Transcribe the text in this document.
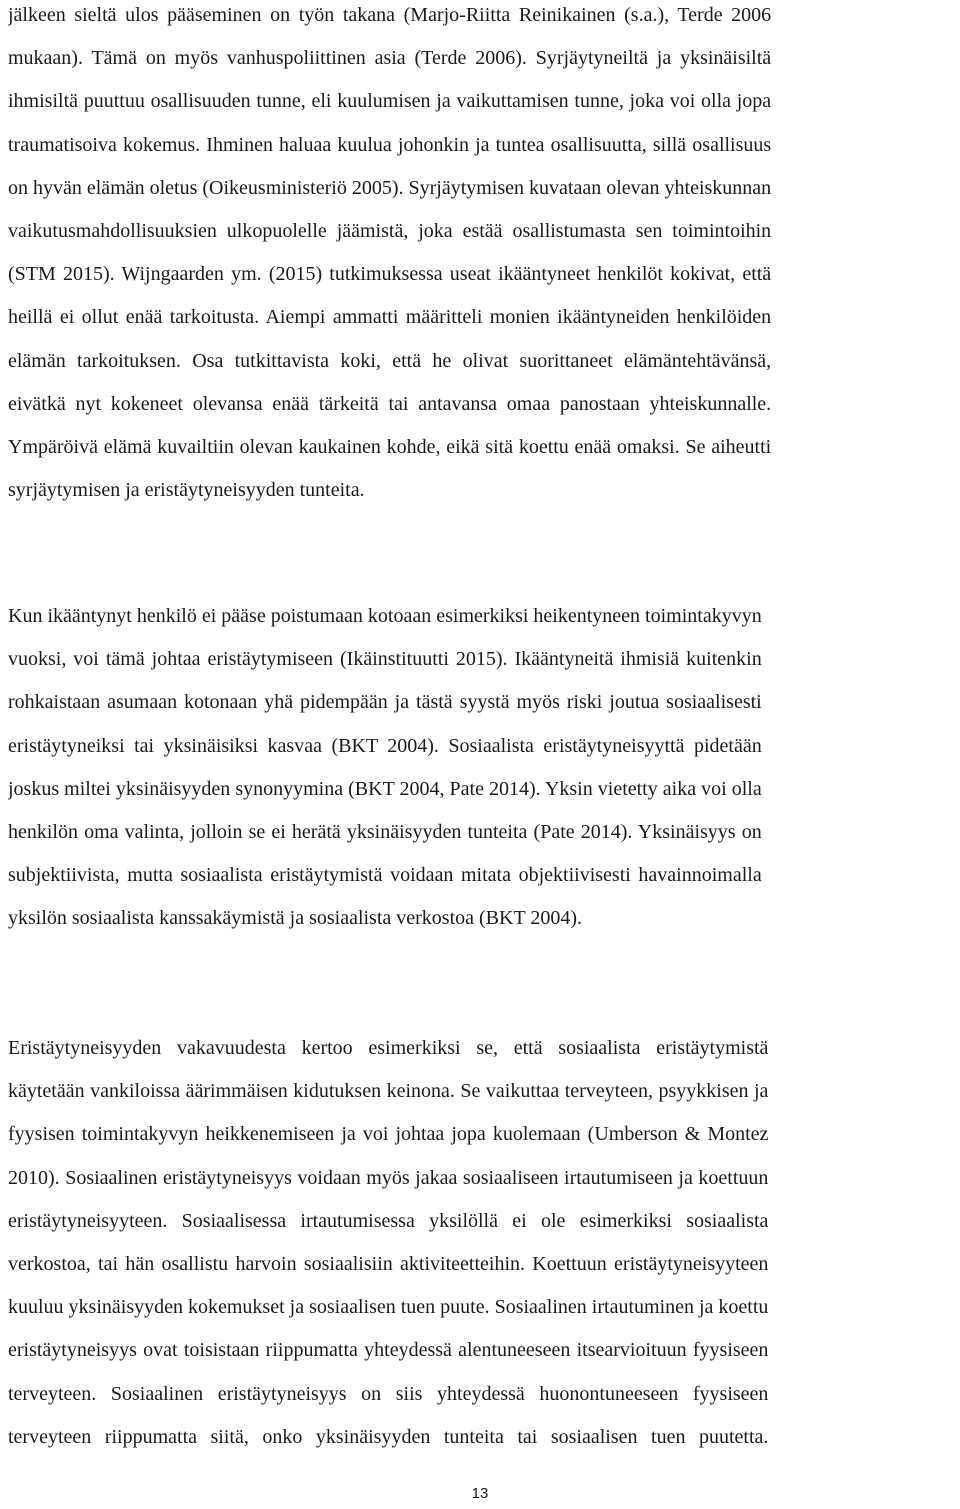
jälkeen sieltä ulos pääseminen on työn takana (Marjo-Riitta Reinikainen (s.a.), Terde 2006
mukaan). Tämä on myös vanhuspoliittinen asia (Terde 2006). Syrjäytyneiltä ja yksinäisiltä
ihmisiltä puuttuu osallisuuden tunne, eli kuulumisen ja vaikuttamisen tunne, joka voi olla jopa
traumatisoiva kokemus. Ihminen haluaa kuulua johonkin ja tuntea osallisuutta, sillä osallisuus
on hyvän elämän oletus (Oikeusministeriö 2005). Syrjäytymisen kuvataan olevan yhteiskunnan
vaikutusmahdollisuuksien ulkopuolelle jäämistä, joka estää osallistumasta sen toimintoihin
(STM 2015). Wijngaarden ym. (2015) tutkimuksessa useat ikääntyneet henkilöt kokivat, että
heillä ei ollut enää tarkoitusta. Aiempi ammatti määritteli monien ikääntyneiden henkilöiden
elämän tarkoituksen. Osa tutkittavista koki, että he olivat suorittaneet elämäntehtävänsä,
eivätkä nyt kokeneet olevansa enää tärkeitä tai antavansa omaa panostaan yhteiskunnalle.
Ympäröivä elämä kuvailtiin olevan kaukainen kohde, eikä sitä koettu enää omaksi. Se aiheutti
syrjäytymisen ja eristäytyneisyyden tunteita.
Kun ikääntynyt henkilö ei pääse poistumaan kotoaan esimerkiksi heikentyneen toimintakyvyn
vuoksi, voi tämä johtaa eristäytymiseen (Ikäinstituutti 2015). Ikääntyneitä ihmisiä kuitenkin
rohkaistaan asumaan kotonaan yhä pidempään ja tästä syystä myös riski joutua sosiaalisesti
eristäytyneiksi tai yksinäisiksi kasvaa (BKT 2004). Sosiaalista eristäytyneisyyttä pidetään
joskus miltei yksinäisyyden synonyymina (BKT 2004, Pate 2014). Yksin vietetty aika voi olla
henkilön oma valinta, jolloin se ei herätä yksinäisyyden tunteita (Pate 2014). Yksinäisyys on
subjektiivista, mutta sosiaalista eristäytymistä voidaan mitata objektiivisesti havainnoimalla
yksilön sosiaalista kanssakäymistä ja sosiaalista verkostoa (BKT 2004).
Eristäytyneisyyden vakavuudesta kertoo esimerkiksi se, että sosiaalista eristäytymistä
käytetään vankiloissa äärimmäisen kidutuksen keinona. Se vaikuttaa terveyteen, psyykkisen ja
fyysisen toimintakyvyn heikkenemiseen ja voi johtaa jopa kuolemaan (Umberson & Montez
2010). Sosiaalinen eristäytyneisyys voidaan myös jakaa sosiaaliseen irtautumiseen ja koettuun
eristäytyneisyyteen. Sosiaalisessa irtautumisessa yksilöllä ei ole esimerkiksi sosiaalista
verkostoa, tai hän osallistu harvoin sosiaalisiin aktiviteetteihin. Koettuun eristäytyneisyyteen
kuuluu yksinäisyyden kokemukset ja sosiaalisen tuen puute. Sosiaalinen irtautuminen ja koettu
eristäytyneisyys ovat toisistaan riippumatta yhteydessä alentuneeseen itsearvioituun fyysiseen
terveyteen. Sosiaalinen eristäytyneisyys on siis yhteydessä huonontuneeseen fyysiseen
terveyteen riippumatta siitä, onko yksinäisyyden tunteita tai sosiaalisen tuen puutetta.
13
